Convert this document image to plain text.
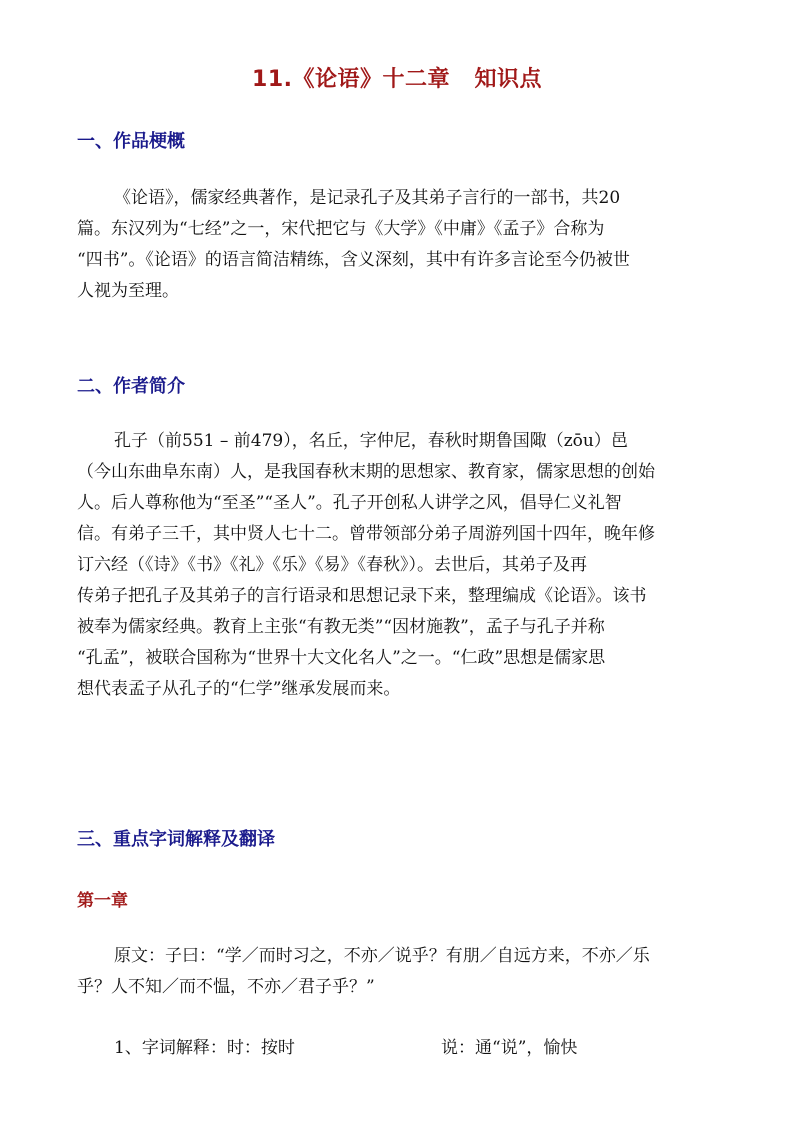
11.《论语》十二章   知识点
一、作品梗概
《论语》，儒家经典著作，是记录孔子及其弟子言行的一部书，共20
篇。东汉列为“七经”之一，宋代把它与《大学》《中庸》《孟子》合称为
“四书”。《论语》的语言简洁精练，含义深刻，其中有许多言论至今仍被世
人视为至理。
二、作者简介
孔子（前551 – 前479），名丘，字仲尼，春秋时期鲁国陬（zōu）邑
（今山东曲阜东南）人，是我国春秋末期的思想家、教育家，儒家思想的创始
人。后人尊称他为“至圣”“圣人”。孔子开创私人讲学之风，倡导仁义礼智
信。有弟子三千，其中贤人七十二。曾带领部分弟子周游列国十四年，晚年修
订六经（《诗》《书》《礼》《乐》《易》《春秋》）。去世后，其弟子及再
传弟子把孔子及其弟子的言行语录和思想记录下来，整理编成《论语》。该书
被奉为儒家经典。教育上主张“有教无类”“因材施教”，孟子与孔子并称
“孔孟”，被联合国称为“世界十大文化名人”之一。“仁政”思想是儒家思
想代表孟子从孔子的“仁学”继承发展而来。
三、重点字词解释及翻译
第一章
原文：子曰：“学／而时习之，不亦／说乎？有朋／自远方来，不亦／乐
乎？人不知／而不愠，不亦／君子乎？”
1、字词解释：时：按时	说：通“说”，愉快
